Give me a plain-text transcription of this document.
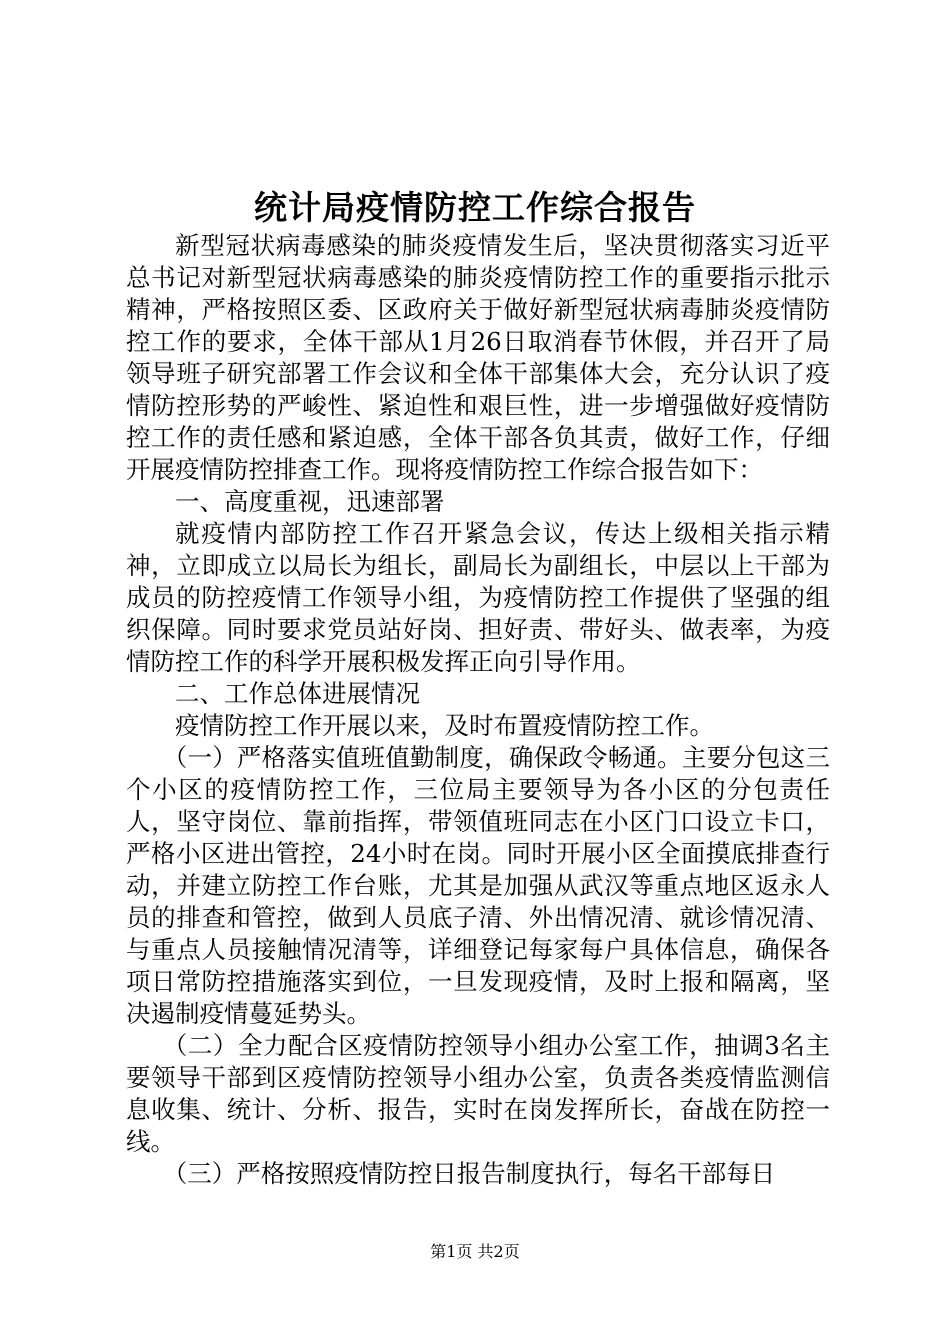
统计局疫情防控工作综合报告

新型冠状病毒感染的肺炎疫情发生后，坚决贯彻落实习近平总书记对新型冠状病毒感染的肺炎疫情防控工作的重要指示批示精神，严格按照区委、区政府关于做好新型冠状病毒肺炎疫情防控工作的要求，全体干部从1月26日取消春节休假，并召开了局领导班子研究部署工作会议和全体干部集体大会，充分认识了疫情防控形势的严峻性、紧迫性和艰巨性，进一步增强做好疫情防控工作的责任感和紧迫感，全体干部各负其责，做好工作，仔细开展疫情防控排查工作。现将疫情防控工作综合报告如下：

一、高度重视，迅速部署

就疫情内部防控工作召开紧急会议，传达上级相关指示精神，立即成立以局长为组长，副局长为副组长，中层以上干部为成员的防控疫情工作领导小组，为疫情防控工作提供了坚强的组织保障。同时要求党员站好岗、担好责、带好头、做表率，为疫情防控工作的科学开展积极发挥正向引导作用。

二、工作总体进展情况

疫情防控工作开展以来，及时布置疫情防控工作。

（一）严格落实值班值勤制度，确保政令畅通。主要分包这三个小区的疫情防控工作，三位局主要领导为各小区的分包责任人，坚守岗位、靠前指挥，带领值班同志在小区门口设立卡口，严格小区进出管控，24小时在岗。同时开展小区全面摸底排查行动，并建立防控工作台账，尤其是加强从武汉等重点地区返永人员的排查和管控，做到人员底子清、外出情况清、就诊情况清、与重点人员接触情况清等，详细登记每家每户具体信息，确保各项日常防控措施落实到位，一旦发现疫情，及时上报和隔离，坚决遏制疫情蔓延势头。

（二）全力配合区疫情防控领导小组办公室工作，抽调3名主要领导干部到区疫情防控领导小组办公室，负责各类疫情监测信息收集、统计、分析、报告，实时在岗发挥所长，奋战在防控一线。

（三）严格按照疫情防控日报告制度执行，每名干部每日

第1页 共2页
